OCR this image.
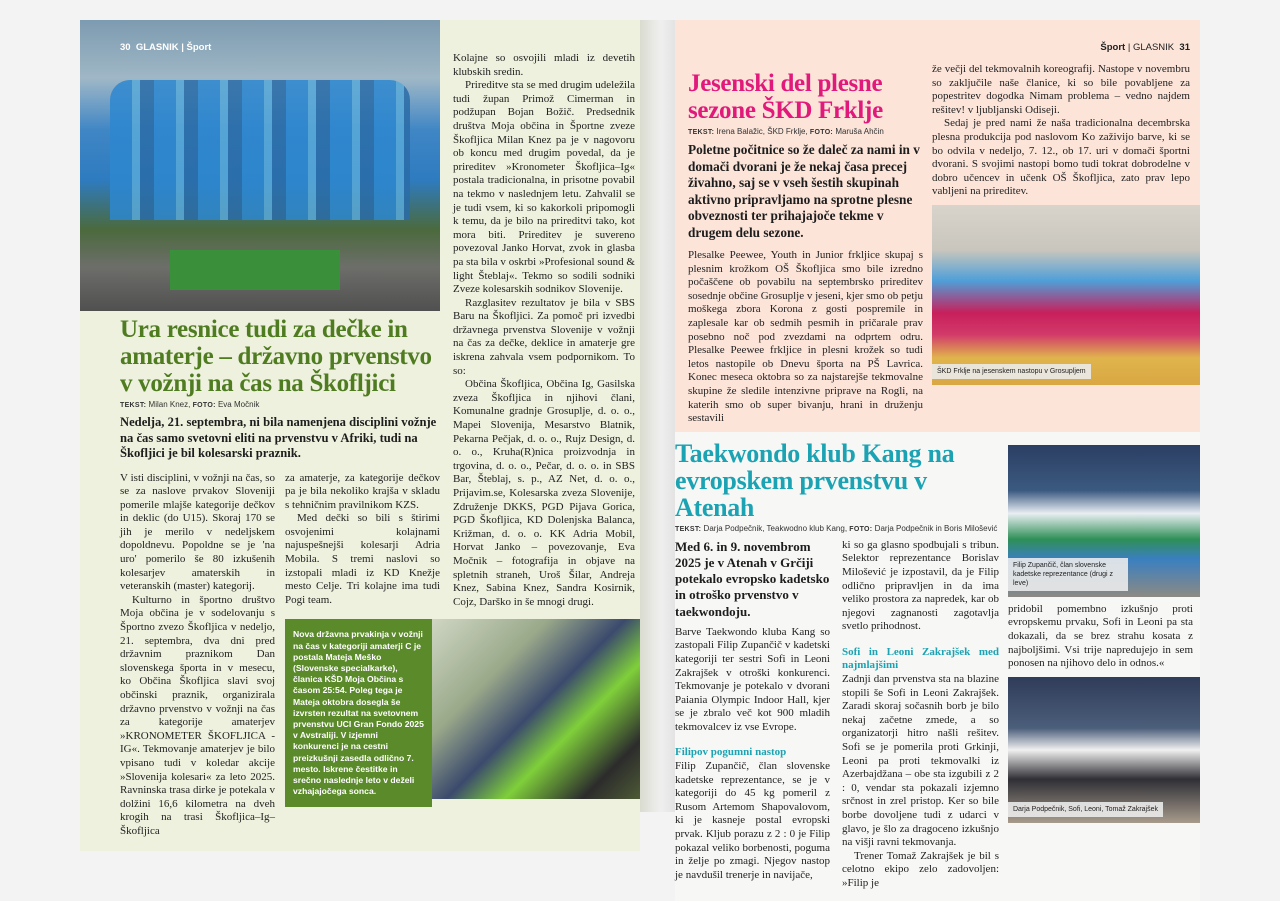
30 GLASNIK | Šport
Ura resnice tudi za dečke in amaterje – državno prvenstvo v vožnji na čas na Škofljici
TEKST: Milan Knez, FOTO: Eva Močnik
Nedelja, 21. septembra, ni bila namenjena disciplini vožnje na čas samo svetovni eliti na prvenstvu v Afriki, tudi na Škofljici je bil kolesarski praznik.

V isti disciplini, v vožnji na čas, so se za naslove prvakov Sloveniji pomerile mlajše kategorije dečkov in deklic (do U15). Skoraj 170 se jih je merilo v nedeljskem dopoldnevu. Popoldne se je 'na uro' pomerilo še 80 izkušenih kolesarjev amaterskih in veteranskih (master) kategorij.

Kulturno in športno društvo Moja občina je v sodelovanju s Športno zvezo Škofljica v nedeljo, 21. septembra, dva dni pred državnim praznikom Dan slovenskega športa in v mesecu, ko Občina Škofljica slavi svoj občinski praznik, organizirala državno prvenstvo v vožnji na čas za kategorije amaterjev »KRONOMETER ŠKOFLJICA - IG«. Tekmovanje amaterjev je bilo vpisano tudi v koledar akcije »Slovenija kolesari« za leto 2025. Ravninska trasa dirke je potekala v dolžini 16,6 kilometra na dveh krogih na trasi Škofljica–Ig–Škofljica

za amaterje, za kategorije dečkov pa je bila nekoliko krajša v skladu s tehničnim pravilnikom KZS.

Med dečki so bili s štirimi osvojenimi kolajnami najuspešnejši kolesarji Adria Mobila. S tremi naslovi so izstopali mladi iz KD Knežje mesto Celje. Tri kolajne ima tudi Pogi team.

Nova državna prvakinja v vožnji na čas v kategoriji amaterji C je postala Mateja Meško (Slovenske specialkarke), članica KŠD Moja Občina s časom 25:54. Poleg tega je Mateja oktobra dosegla še izvrsten rezultat na svetovnem prvenstvu UCI Gran Fondo 2025 v Avstraliji. V izjemni konkurenci je na cestni preizkušnji zasedla odlično 7. mesto. Iskrene čestitke in srečno naslednje leto v deželi vzhajajočega sonca.

Kolajne so osvojili mladi iz devetih klubskih sredin.

Prireditve sta se med drugim udeležila tudi župan Primož Cimerman in podžupan Bojan Božič. Predsednik društva Moja občina in Športne zveze Škofljica Milan Knez pa je v nagovoru ob koncu med drugim povedal, da je prireditev »Kronometer Škofljica–Ig« postala tradicionalna, in prisotne povabil na tekmo v naslednjem letu. Zahvalil se je tudi vsem, ki so kakorkoli pripomogli k temu, da je bilo na prireditvi tako, kot mora biti. Prireditev je suvereno povezoval Janko Horvat, zvok in glasba pa sta bila v oskrbi »Profesional sound & light Šteblaj«. Tekmo so sodili sodniki Zveze kolesarskih sodnikov Slovenije.

Razglasitev rezultatov je bila v SBS Baru na Škofljici. Za pomoč pri izvedbi državnega prvenstva Slovenije v vožnji na čas za dečke, deklice in amaterje gre iskrena zahvala vsem podpornikom. To so:

Občina Škofljica, Občina Ig, Gasilska zveza Škofljica in njihovi člani, Komunalne gradnje Grosuplje, d. o. o., Mapei Slovenija, Mesarstvo Blatnik, Pekarna Pečjak, d. o. o., Rujz Design, d. o. o., Kruha(R)nica proizvodnja in trgovina, d. o. o., Pečar, d. o. o. in SBS Bar, Šteblaj, s. p., AZ Net, d. o. o., Prijavim.se, Kolesarska zveza Slovenije, Združenje DKKS, PGD Pijava Gorica, PGD Škofljica, KD Dolenjska Balanca, Križman, d. o. o. KK Adria Mobil, Horvat Janko – povezovanje, Eva Močnik – fotografija in objave na spletnih straneh, Uroš Šilar, Andreja Knez, Sabina Knez, Sandra Kosirnik, Cojz, Darško in še mnogi drugi.

Jesenski del plesne sezone ŠKD Frklje
TEKST: Irena Balažic, ŠKD Frklje, FOTO: Maruša Ahčin
Poletne počitnice so že daleč za nami in v domači dvorani je že nekaj časa precej živahno, saj se v vseh šestih skupinah aktivno pripravljamo na sprotne plesne obveznosti ter prihajajoče tekme v drugem delu sezone.

Plesalke Peewee, Youth in Junior frkljice skupaj s plesnim krožkom OŠ Škofljica smo bile izredno počaščene ob povabilu na septembrsko prireditev sosednje občine Grosuplje v jeseni, kjer smo ob petju moškega zbora Korona z gosti pospremile in zaplesale kar ob sedmih pesmih in pričarale prav posebno noč pod zvezdami na odprtem odru. Plesalke Peewee frkljice in plesni krožek so tudi letos nastopile ob Dnevu športa na PŠ Lavrica. Konec meseca oktobra so za najstarejše tekmovalne skupine že sledile intenzivne priprave na Rogli, na katerih smo ob super bivanju, hrani in druženju sestavili

Šport | GLASNIK 31

že večji del tekmovalnih koreografij. Nastope v novembru so zaključile naše članice, ki so bile povabljene za popestritev dogodka Nimam problema – vedno najdem rešitev! v ljubljanski Odiseji.

Sedaj je pred nami že naša tradicionalna decembrska plesna produkcija pod naslovom Ko zaživijo barve, ki se bo odvila v nedeljo, 7. 12., ob 17. uri v domači športni dvorani. S svojimi nastopi bomo tudi tokrat dobrodelne v dobro učencev in učenk OŠ Škofljica, zato prav lepo vabljeni na prireditev.

ŠKD Frklje na jesenskem nastopu v Grosupljem
Taekwondo klub Kang na evropskem prvenstvu v Atenah
TEKST: Darja Podpečnik, Teakwodno klub Kang, FOTO: Darja Podpečnik in Boris Milošević
Med 6. in 9. novembrom 2025 je v Atenah v Grčiji potekalo evropsko kadetsko in otroško prvenstvo v taekwondoju.

Barve Taekwondo kluba Kang so zastopali Filip Zupančič v kadetski kategoriji ter sestri Sofi in Leoni Zakrajšek v otroški konkurenci. Tekmovanje je potekalo v dvorani Paiania Olympic Indoor Hall, kjer se je zbralo več kot 900 mladih tekmovalcev iz vse Evrope.

Filipov pogumni nastop

Filip Zupančič, član slovenske kadetske reprezentance, se je v kategoriji do 45 kg pomeril z Rusom Artemom Shapovalovom, ki je kasneje postal evropski prvak. Kljub porazu z 2 : 0 je Filip pokazal veliko borbenosti, poguma in želje po zmagi. Njegov nastop je navdušil trenerje in navijače,

ki so ga glasno spodbujali s tribun. Selektor reprezentance Borislav Milošević je izpostavil, da je Filip odlično pripravljen in da ima veliko prostora za napredek, kar ob njegovi zagnanosti zagotavlja svetlo prihodnost.

Sofi in Leoni Zakrajšek med najmlajšimi

Zadnji dan prvenstva sta na blazine stopili še Sofi in Leoni Zakrajšek. Zaradi skoraj sočasnih borb je bilo nekaj začetne zmede, a so organizatorji hitro našli rešitev. Sofi se je pomerila proti Grkinji, Leoni pa proti tekmovalki iz Azerbajdžana – obe sta izgubili z 2 : 0, vendar sta pokazali izjemno srčnost in zrel pristop. Ker so bile borbe dovoljene tudi z udarci v glavo, je šlo za dragoceno izkušnjo na višji ravni tekmovanja.

Trener Tomaž Zakrajšek je bil s celotno ekipo zelo zadovoljen: »Filip je

Filip Zupančič, član slovenske kadetske reprezentance (drugi z leve)

pridobil pomembno izkušnjo proti evropskemu prvaku, Sofi in Leoni pa sta dokazali, da se brez strahu kosata z najboljšimi. Vsi trije napredujejo in sem ponosen na njihovo delo in odnos.«

Darja Podpečnik, Sofi, Leoni, Tomaž Zakrajšek
